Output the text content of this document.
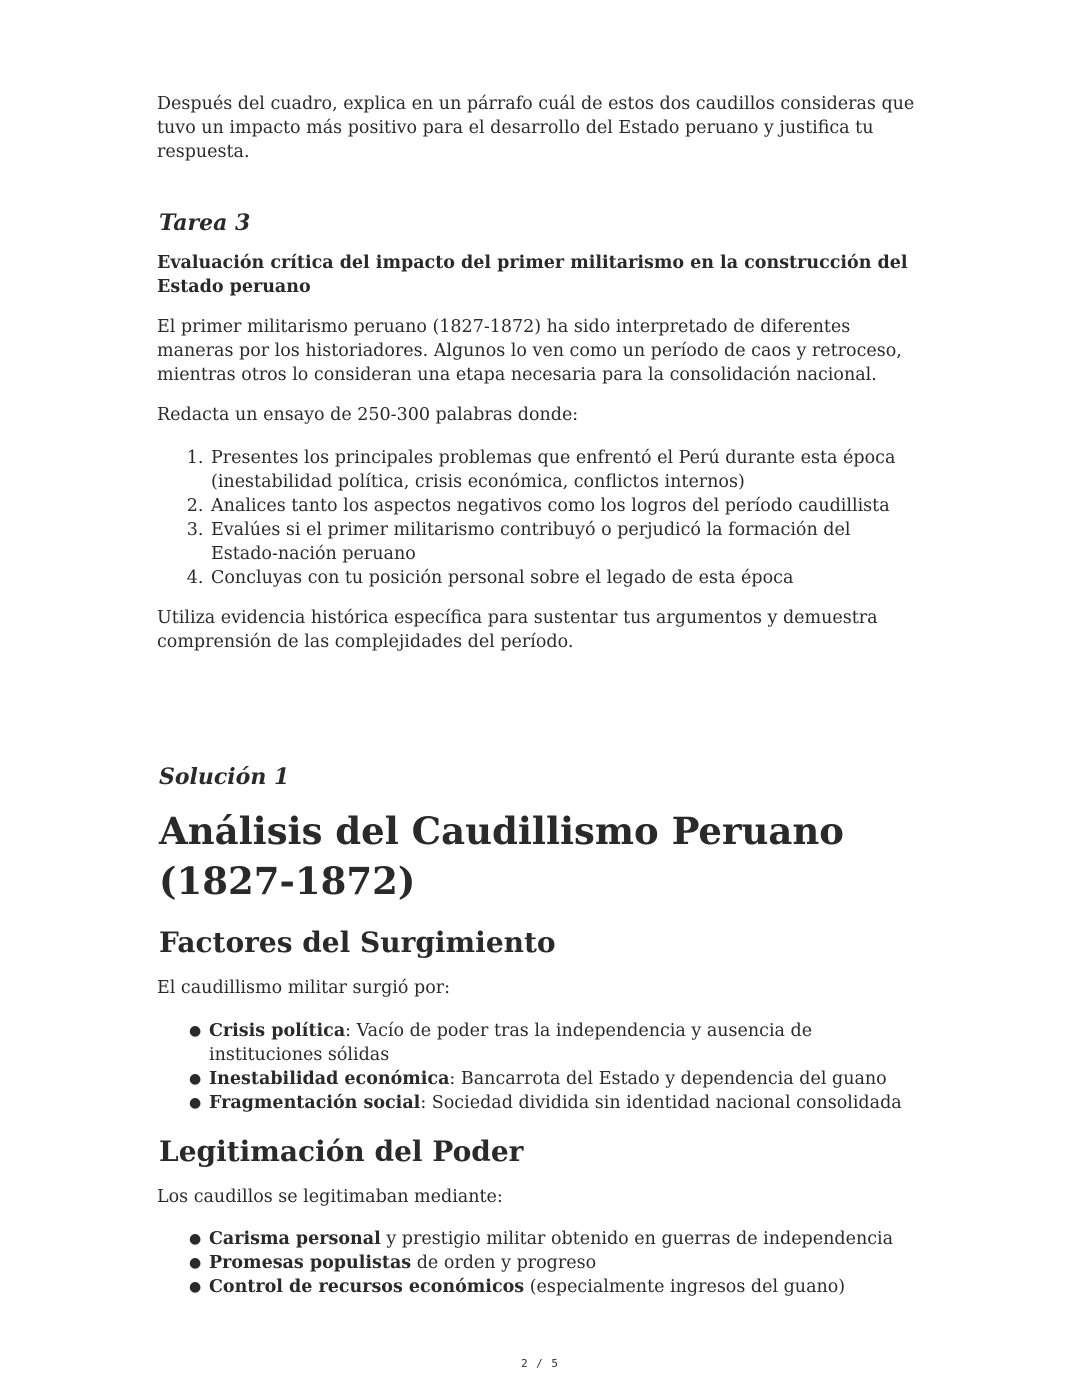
Después del cuadro, explica en un párrafo cuál de estos dos caudillos consideras que tuvo un impacto más positivo para el desarrollo del Estado peruano y justifica tu respuesta.

Tarea 3
Evaluación crítica del impacto del primer militarismo en la construcción del Estado peruano

El primer militarismo peruano (1827-1872) ha sido interpretado de diferentes maneras por los historiadores. Algunos lo ven como un período de caos y retroceso, mientras otros lo consideran una etapa necesaria para la consolidación nacional.

Redacta un ensayo de 250-300 palabras donde:

1. Presentes los principales problemas que enfrentó el Perú durante esta época (inestabilidad política, crisis económica, conflictos internos)
2. Analices tanto los aspectos negativos como los logros del período caudillista
3. Evalúes si el primer militarismo contribuyó o perjudicó la formación del Estado-nación peruano
4. Concluyas con tu posición personal sobre el legado de esta época

Utiliza evidencia histórica específica para sustentar tus argumentos y demuestra comprensión de las complejidades del período.

Solución 1
Análisis del Caudillismo Peruano (1827-1872)
Factores del Surgimiento

El caudillismo militar surgió por:

● Crisis política: Vacío de poder tras la independencia y ausencia de instituciones sólidas
● Inestabilidad económica: Bancarrota del Estado y dependencia del guano
● Fragmentación social: Sociedad dividida sin identidad nacional consolidada
Legitimación del Poder

Los caudillos se legitimaban mediante:

● Carisma personal y prestigio militar obtenido en guerras de independencia
● Promesas populistas de orden y progreso
● Control de recursos económicos (especialmente ingresos del guano)
2 / 5
